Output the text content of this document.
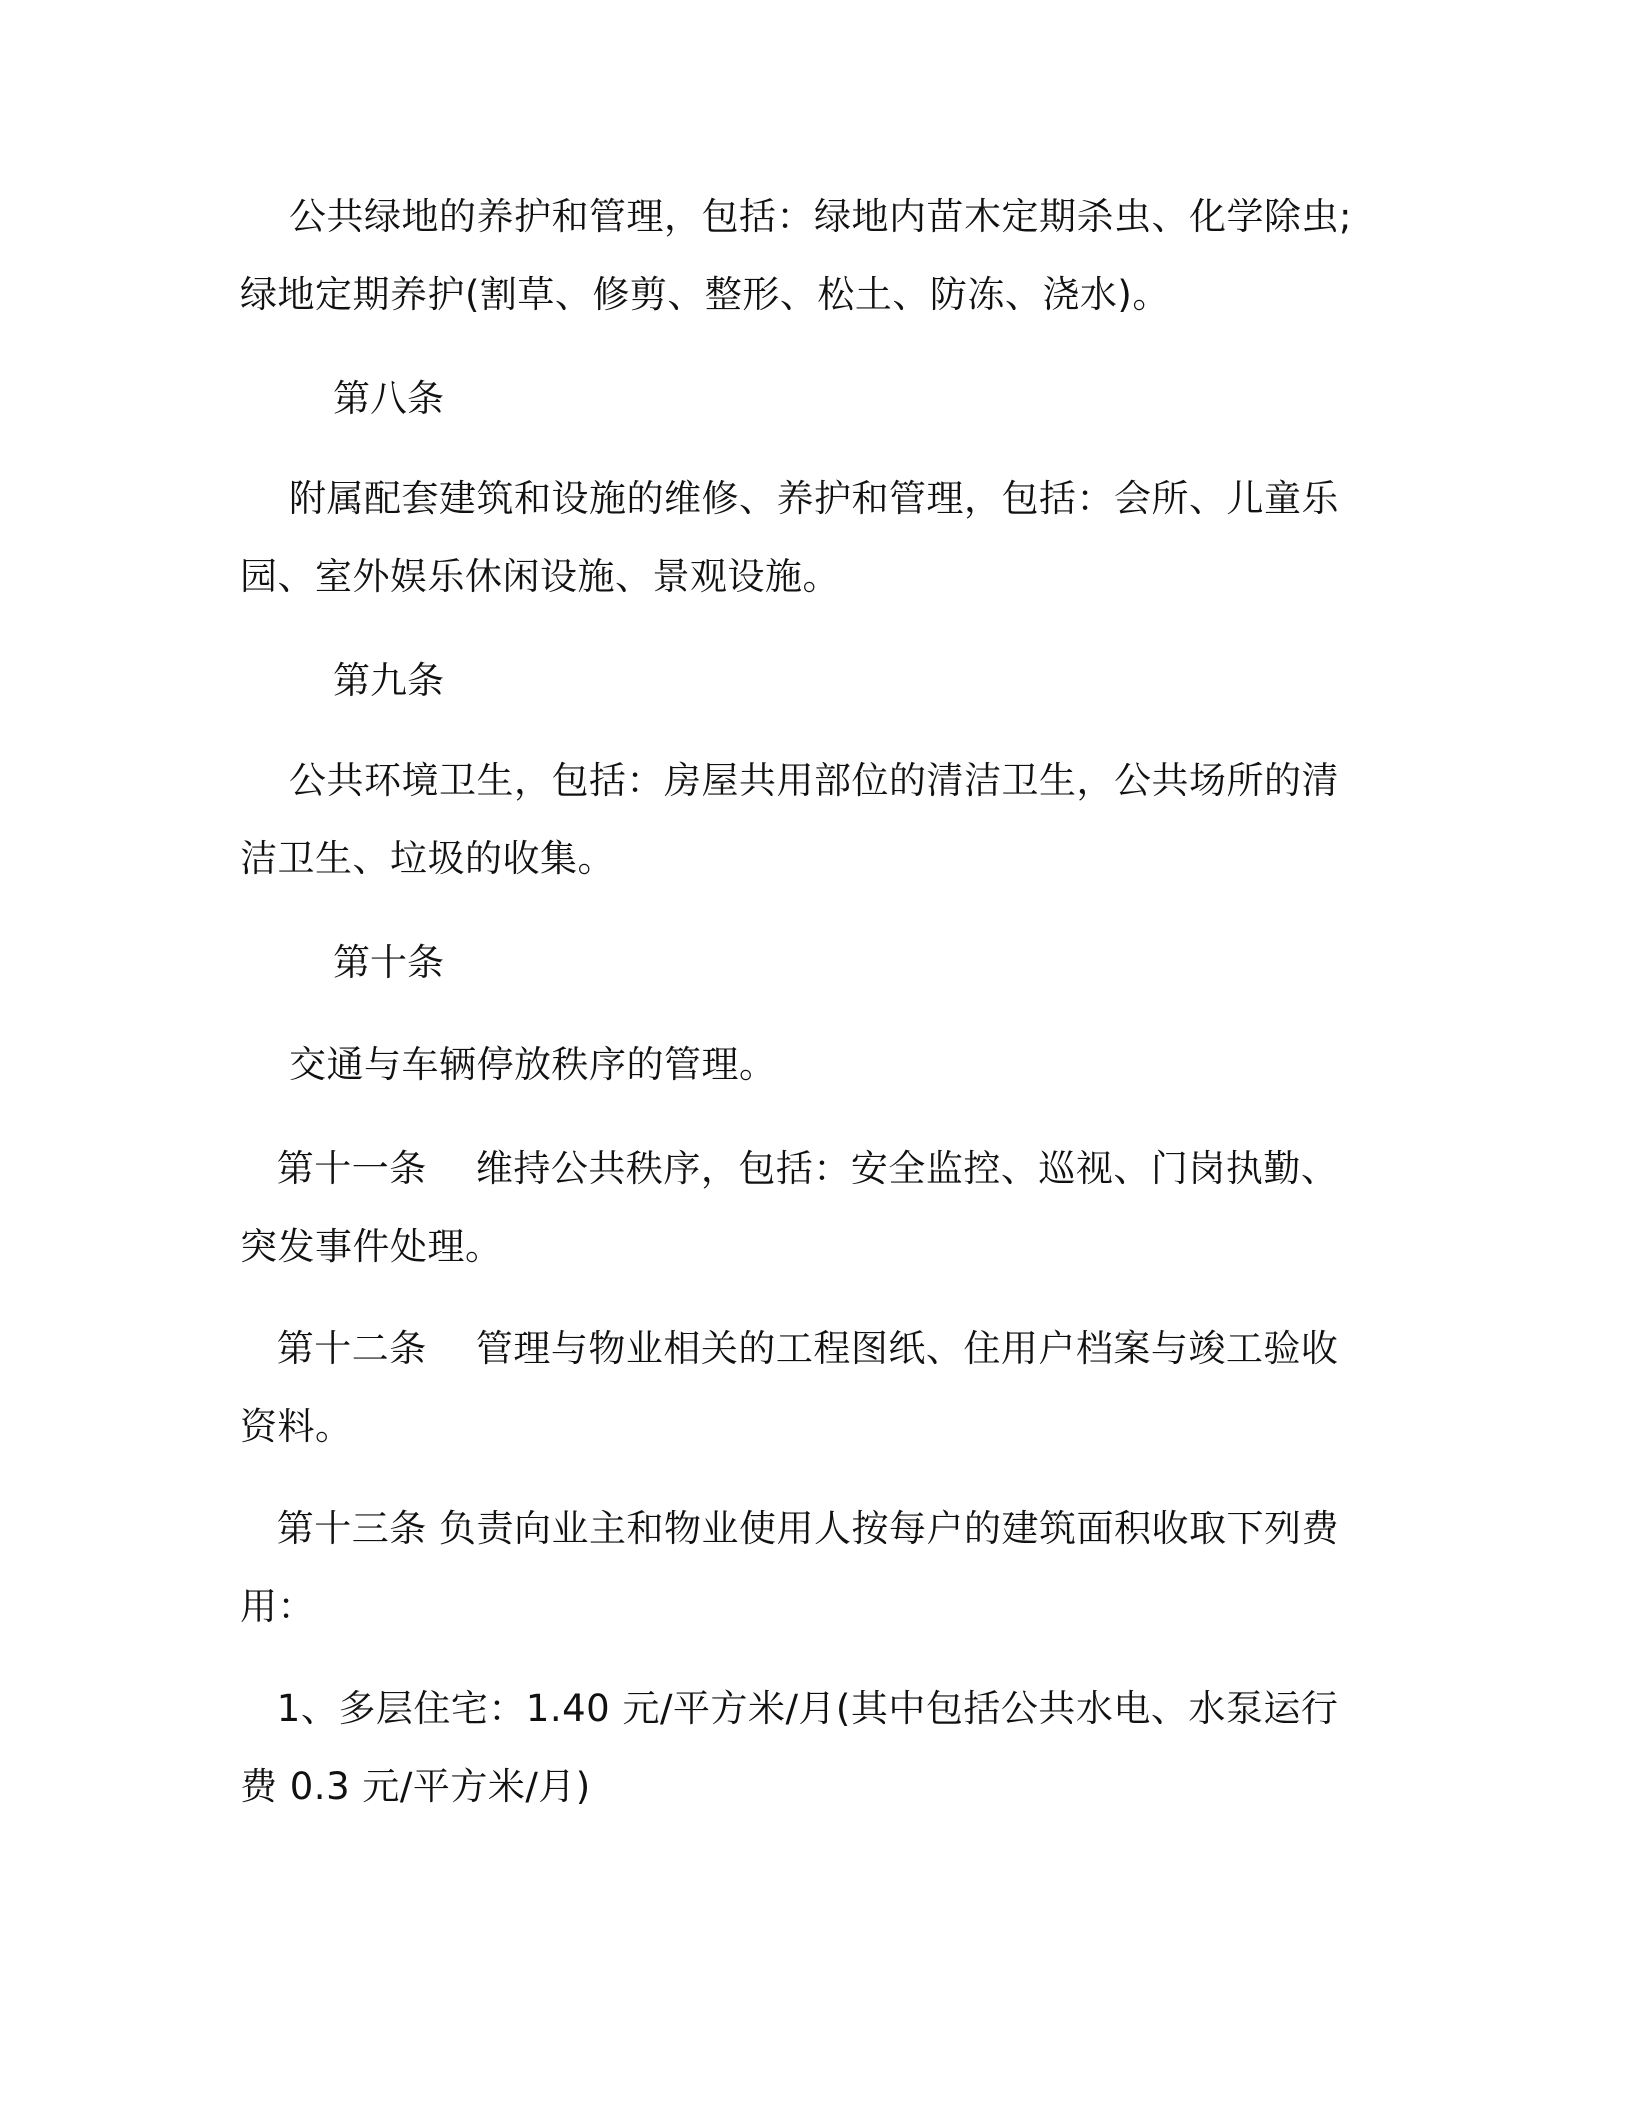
公共绿地的养护和管理，包括：绿地内苗木定期杀虫、化学除虫;

绿地定期养护(割草、修剪、整形、松土、防冻、浇水)。

第八条

附属配套建筑和设施的维修、养护和管理，包括：会所、儿童乐

园、室外娱乐休闲设施、景观设施。

第九条

公共环境卫生，包括：房屋共用部位的清洁卫生，公共场所的清

洁卫生、垃圾的收集。

第十条

交通与车辆停放秩序的管理。

第十一条    维持公共秩序，包括：安全监控、巡视、门岗执勤、

突发事件处理。

第十二条    管理与物业相关的工程图纸、住用户档案与竣工验收

资料。

第十三条 负责向业主和物业使用人按每户的建筑面积收取下列费

用：

1、多层住宅：1.40 元/平方米/月(其中包括公共水电、水泵运行

费 0.3 元/平方米/月)
